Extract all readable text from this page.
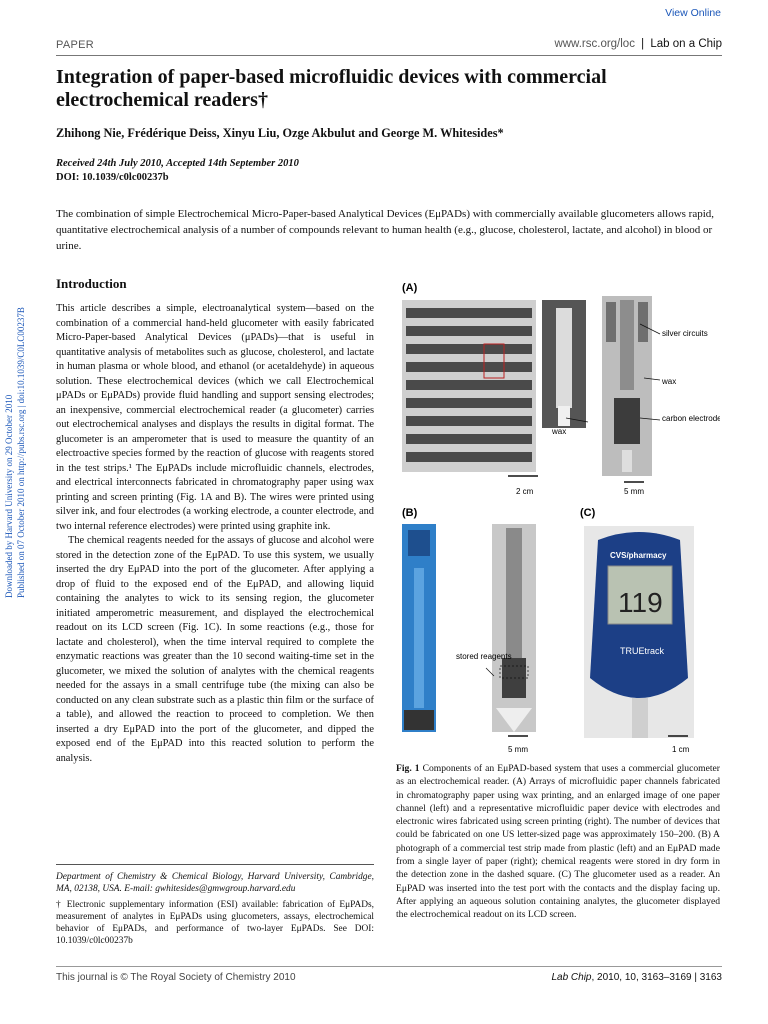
View Online
Downloaded by Harvard University on 29 October 2010 Published on 07 October 2010 on http://pubs.rsc.org | doi:10.1039/C0LC00237B
PAPER	www.rsc.org/loc | Lab on a Chip
Integration of paper-based microfluidic devices with commercial electrochemical readers†
Zhihong Nie, Frédérique Deiss, Xinyu Liu, Ozge Akbulut and George M. Whitesides*
Received 24th July 2010, Accepted 14th September 2010
DOI: 10.1039/c0lc00237b
The combination of simple Electrochemical Micro-Paper-based Analytical Devices (EμPADs) with commercially available glucometers allows rapid, quantitative electrochemical analysis of a number of compounds relevant to human health (e.g., glucose, cholesterol, lactate, and alcohol) in blood or urine.
Introduction

This article describes a simple, electroanalytical system—based on the combination of a commercial hand-held glucometer with easily fabricated Micro-Paper-based Analytical Devices (μPADs)—that is useful in quantitative analysis of metabolites such as glucose, cholesterol, and lactate in human plasma or whole blood, and ethanol (or acetaldehyde) in aqueous solution. These electrochemical devices (which we call Electrochemical μPADs or EμPADs) provide fluid handling and support sensing electrodes; an inexpensive, commercial electrochemical reader (a glucometer) carries out electrochemical analyses and displays the results in digital format. The glucometer is an amperometer that is used to measure the quantity of an electroactive species formed by the reaction of glucose with reagents stored in the test strips.¹ The EμPADs include microfluidic channels, electrodes, and electrical interconnects fabricated in chromatography paper using wax printing and screen printing (Fig. 1A and B). The wires were printed using silver ink, and four electrodes (a working electrode, a counter electrode, and two internal reference electrodes) were printed using graphite ink.

The chemical reagents needed for the assays of glucose and alcohol were stored in the detection zone of the EμPAD. To use this system, we usually inserted the dry EμPAD into the port of the glucometer. After applying a drop of fluid to the exposed end of the EμPAD, and allowing liquid containing the analytes to wick to its sensing region, the glucometer initiated amperometric measurement, and displayed the electrochemical readout on its LCD screen (Fig. 1C). In some reactions (e.g., those for lactate and cholesterol), when the time interval required to complete the enzymatic reactions was greater than the 10 second waiting-time set in the glucometer, we mixed the solution of analytes with the chemical reagents needed for the assays in a small centrifuge tube (the mixing can also be conducted on any clean substrate such as a plastic thin film or the surface of a table), and allowed the reaction to proceed to completion. We then inserted a dry EμPAD into the port of the glucometer, and dipped the exposed end of the EμPAD into this reacted solution to perform the analysis.

Department of Chemistry & Chemical Biology, Harvard University, Cambridge, MA, 02138, USA. E-mail: gwhitesides@gmwgroup.harvard.edu
† Electronic supplementary information (ESI) available: fabrication of EμPADs, measurement of analytes in EμPADs using glucometers, assays, electrochemical behavior of EμPADs, and performance of two-layer EμPADs. See DOI: 10.1039/c0lc00237b
(A)
wax
2 cm
silver circuits
wax
carbon electrodes
5 mm
(B)
stored reagents
5 mm
(C)
CVS/pharmacy
119
TRUEtrack
1 cm
Fig. 1 Components of an EμPAD-based system that uses a commercial glucometer as an electrochemical reader. (A) Arrays of microfluidic paper channels fabricated in chromatography paper using wax printing, and an enlarged image of one paper channel (left) and a representative microfluidic paper device with electrodes and electronic wires fabricated using screen printing (right). The number of devices that could be fabricated on one US letter-sized page was approximately 150–200. (B) A photograph of a commercial test strip made from plastic (left) and an EμPAD made from a single layer of paper (right); chemical reagents were stored in dry form in the detection zone in the dashed square. (C) The glucometer used as a reader. An EμPAD was inserted into the test port with the contacts and the display facing up. After applying an aqueous solution containing analytes, the glucometer displayed the electrochemical readout on its LCD screen.
This journal is © The Royal Society of Chemistry 2010	Lab Chip, 2010, 10, 3163–3169 | 3163
